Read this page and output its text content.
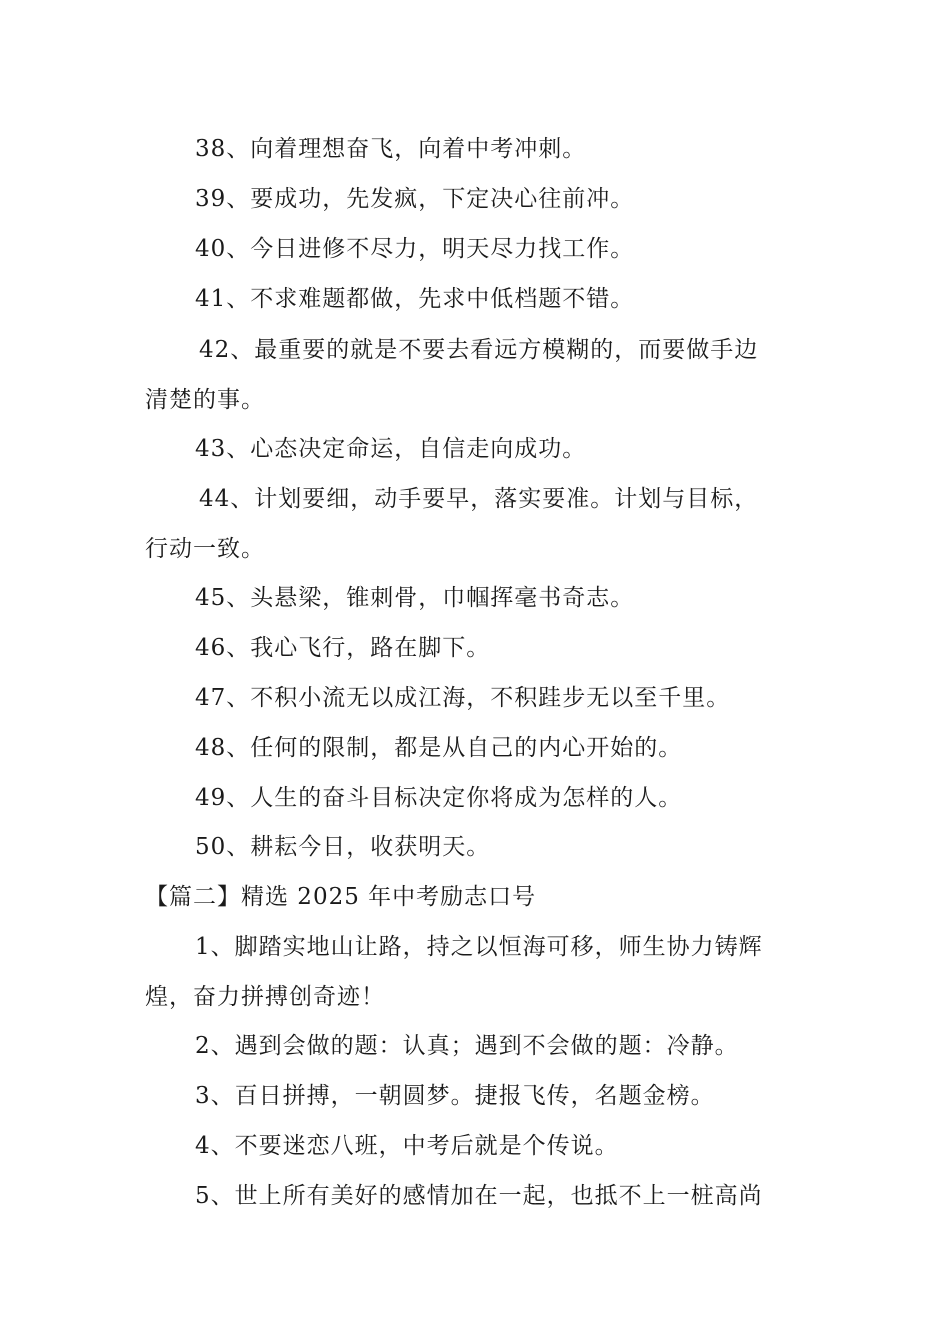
38、向着理想奋飞，向着中考冲刺。
39、要成功，先发疯，下定决心往前冲。
40、今日进修不尽力，明天尽力找工作。
41、不求难题都做，先求中低档题不错。
42、最重要的就是不要去看远方模糊的，而要做手边
清楚的事。
43、心态决定命运，自信走向成功。
44、计划要细，动手要早，落实要准。计划与目标，
行动一致。
45、头悬梁，锥刺骨，巾帼挥毫书奇志。
46、我心飞行，路在脚下。
47、不积小流无以成江海，不积跬步无以至千里。
48、任何的限制，都是从自己的内心开始的。
49、人生的奋斗目标决定你将成为怎样的人。
50、耕耘今日，收获明天。
【篇二】精选 2025 年中考励志口号
1、脚踏实地山让路，持之以恒海可移，师生协力铸辉
煌，奋力拼搏创奇迹！
2、遇到会做的题：认真；遇到不会做的题：冷静。
3、百日拼搏，一朝圆梦。捷报飞传，名题金榜。
4、不要迷恋八班，中考后就是个传说。
5、世上所有美好的感情加在一起，也抵不上一桩高尚
